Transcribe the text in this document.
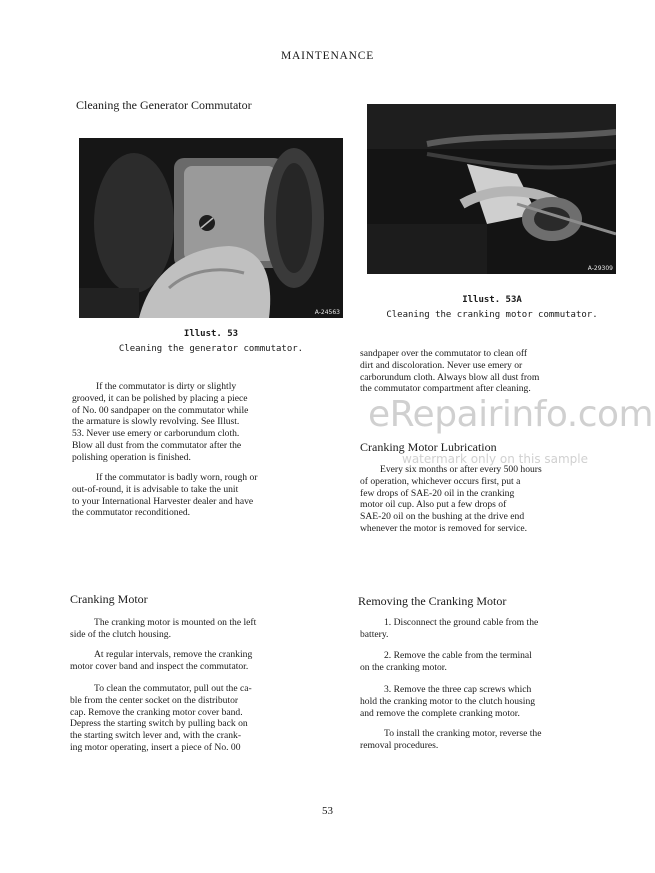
MAINTENANCE
Cleaning the Generator Commutator
A-24563
Illust. 53
Cleaning the generator commutator.

If the commutator is dirty or slightly

grooved, it can be polished by placing a piece

of No. 00 sandpaper on the commutator while

the armature is slowly revolving. See Illust.

53. Never use emery or carborundum cloth.

Blow all dust from the commutator after the

polishing operation is finished.

If the commutator is badly worn, rough or

out-of-round, it is advisable to take the unit

to your International Harvester dealer and have

the commutator reconditioned.

A-29309
Illust. 53A
Cleaning the cranking motor commutator.

sandpaper over the commutator to clean off

dirt and discoloration. Never use emery or

carborundum cloth. Always blow all dust from

the commutator compartment after cleaning.

eRepairinfo.com
watermark only on this sample
Cranking Motor Lubrication

Every six months or after every 500 hours

of operation, whichever occurs first, put a

few drops of SAE-20 oil in the cranking

motor oil cup. Also put a few drops of

SAE-20 oil on the bushing at the drive end

whenever the motor is removed for service.

Cranking Motor

The cranking motor is mounted on the left

side of the clutch housing.

At regular intervals, remove the cranking

motor cover band and inspect the commutator.

To clean the commutator, pull out the ca-

ble from the center socket on the distributor

cap. Remove the cranking motor cover band.

Depress the starting switch by pulling back on

the starting switch lever and, with the crank-

ing motor operating, insert a piece of No. 00

Removing the Cranking Motor

1. Disconnect the ground cable from the

battery.

2. Remove the cable from the terminal

on the cranking motor.

3. Remove the three cap screws which

hold the cranking motor to the clutch housing

and remove the complete cranking motor.

To install the cranking motor, reverse the

removal procedures.

53
